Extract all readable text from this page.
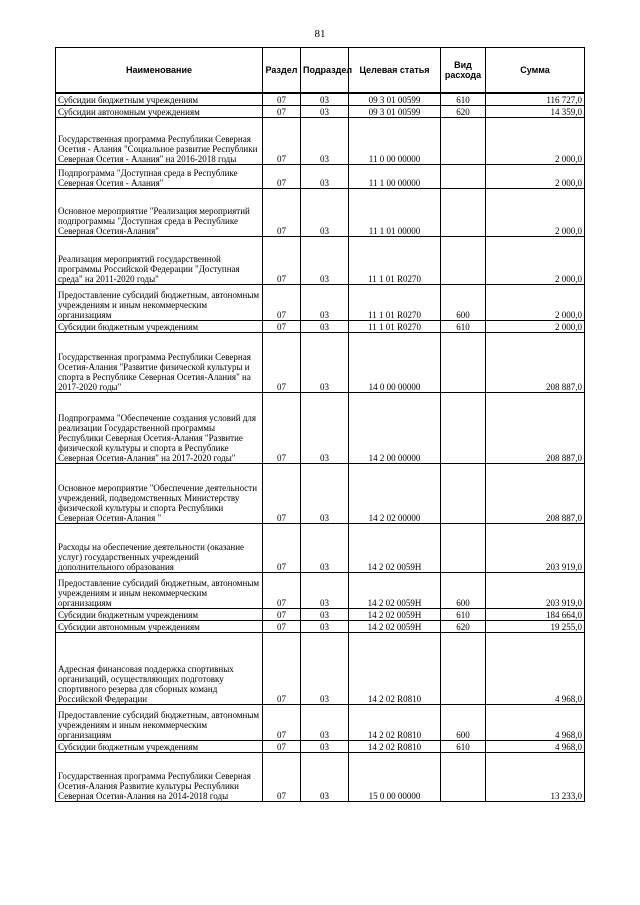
81
Наименование	Раздел	Подраздел	Целевая статья	Вид расхода	Сумма
Субсидии бюджетным учреждениям	07	03	09 3 01 00599	610	116 727,0
Субсидии автономным учреждениям	07	03	09 3 01 00599	620	14 359,0
Государственная программа Республики Северная Осетия - Алания "Социальное развитие Республики Северная Осетия - Алания" на 2016-2018 годы	07	03	11 0 00 00000		2 000,0
Подпрограмма "Доступная среда в Республике Северная Осетия - Алания"	07	03	11 1 00 00000		2 000,0
Основное мероприятие "Реализация мероприятий подпрограммы "Доступная среда в Республике Северная Осетия-Алания"	07	03	11 1 01 00000		2 000,0
Реализация мероприятий государственной программы Российской Федерации "Доступная среда" на 2011-2020 годы"	07	03	11 1 01 R0270		2 000,0
Предоставление субсидий бюджетным, автономным учреждениям и иным некоммерческим организациям	07	03	11 1 01 R0270	600	2 000,0
Субсидии бюджетным учреждениям	07	03	11 1 01 R0270	610	2 000,0
Государственная программа Республики Северная Осетия-Алания "Развитие физической культуры и спорта в Республике Северная Осетия-Алания" на 2017-2020 годы"	07	03	14 0 00 00000		208 887,0
Подпрограмма "Обеспечение создания условий для реализации Государственной программы Республики Северная Осетия-Алания "Развитие физической культуры и спорта в Республике Северная Осетия-Алания" на 2017-2020 годы"	07	03	14 2 00 00000		208 887,0
Основное мероприятие "Обеспечение деятельности учреждений, подведомственных Министерству физической культуры и спорта Республики Северная Осетия-Алания "	07	03	14 2 02 00000		208 887,0
Расходы на обеспечение деятельности (оказание услуг) государственных учреждений дополнительного образования	07	03	14 2 02 0059Н		203 919,0
Предоставление субсидий бюджетным, автономным учреждениям и иным некоммерческим организациям	07	03	14 2 02 0059Н	600	203 919,0
Субсидии бюджетным учреждениям	07	03	14 2 02 0059Н	610	184 664,0
Субсидии автономным учреждениям	07	03	14 2 02 0059Н	620	19 255,0
Адресная финансовая поддержка спортивных организаций, осуществляющих подготовку спортивного резерва для сборных команд Российской Федерации	07	03	14 2 02 R0810		4 968,0
Предоставление субсидий бюджетным, автономным учреждениям и иным некоммерческим организациям	07	03	14 2 02 R0810	600	4 968,0
Субсидии бюджетным учреждениям	07	03	14 2 02 R0810	610	4 968,0
Государственная программа Республики Северная Осетия-Алания Развитие культуры Республики Северная Осетия-Алания на 2014-2018 годы	07	03	15 0 00 00000		13 233,0
